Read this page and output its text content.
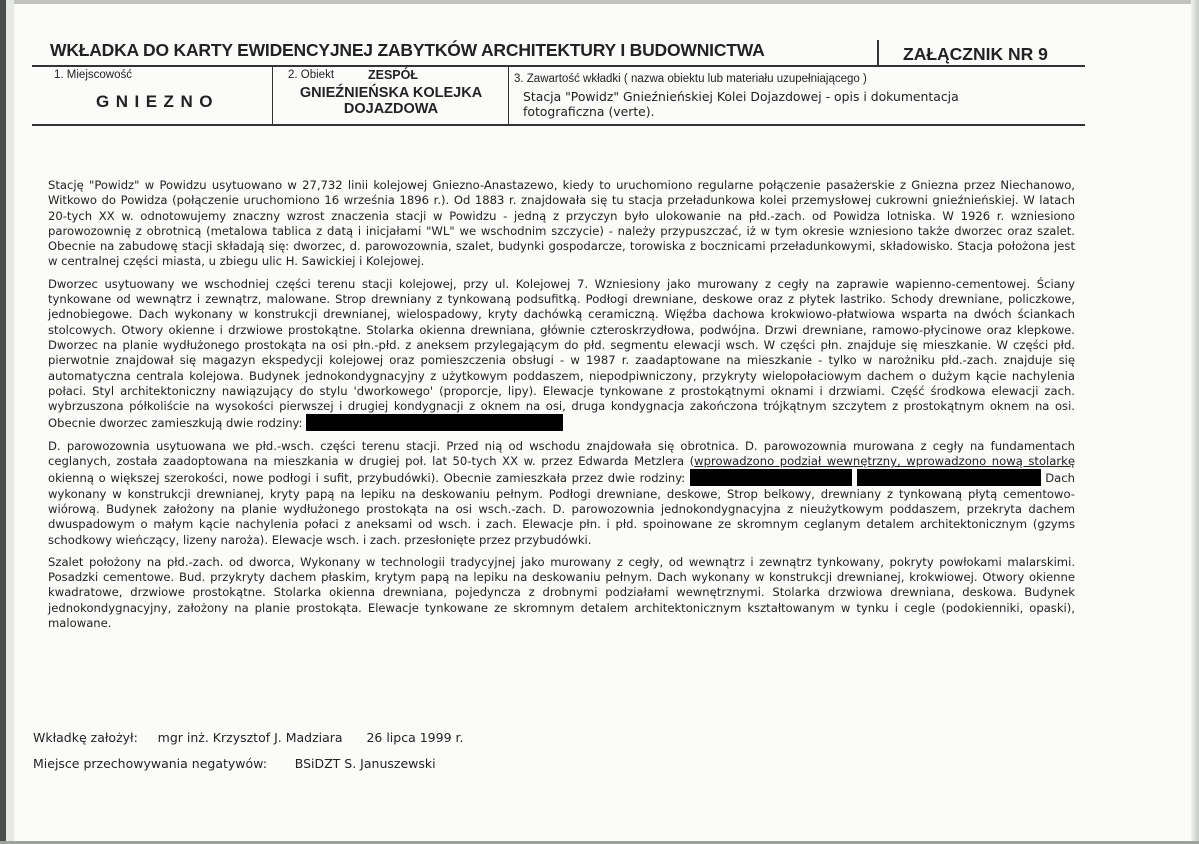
WKŁADKA DO KARTY EWIDENCYJNEJ ZABYTKÓW ARCHITEKTURY I BUDOWNICTWA	ZAŁĄCZNIK NR 9
1. Miejscowość
GNIEZNO
2. Obiekt	ZESPÓŁ
GNIEŹNIEŃSKA KOLEJKA
DOJAZDOWA
3. Zawartość wkładki ( nazwa obiektu lub materiału uzupełniającego )
Stacja "Powidz" Gnieźnieńskiej Kolei Dojazdowej - opis i dokumentacja
fotograficzna (verte).

Stację "Powidz" w Powidzu usytuowano w 27,732 linii kolejowej Gniezno-Anastazewo, kiedy to uruchomiono regularne połączenie pasażerskie z Gniezna przez Niechanowo, Witkowo do Powidza (połączenie uruchomiono 16 września 1896 r.). Od 1883 r. znajdowała się tu stacja przeładunkowa kolei przemysłowej cukrowni gnieźnieńskiej. W latach 20-tych XX w. odnotowujemy znaczny wzrost znaczenia stacji w Powidzu - jedną z przyczyn było ulokowanie na płd.-zach. od Powidza lotniska. W 1926 r. wzniesiono parowozownię z obrotnicą (metalowa tablica z datą i inicjałami "WL" we wschodnim szczycie) - należy przypuszczać, iż w tym okresie wzniesiono także dworzec oraz szalet. Obecnie na zabudowę stacji składają się: dworzec, d. parowozownia, szalet, budynki gospodarcze, torowiska z bocznicami przeładunkowymi, składowisko. Stacja położona jest w centralnej części miasta, u zbiegu ulic H. Sawickiej i Kolejowej.

Dworzec usytuowany we wschodniej części terenu stacji kolejowej, przy ul. Kolejowej 7. Wzniesiony jako murowany z cegły na zaprawie wapienno-cementowej. Ściany tynkowane od wewnątrz i zewnątrz, malowane. Strop drewniany z tynkowaną podsufitką. Podłogi drewniane, deskowe oraz z płytek lastriko. Schody drewniane, policzkowe, jednobiegowe. Dach wykonany w konstrukcji drewnianej, wielospadowy, kryty dachówką ceramiczną. Więźba dachowa krokwiowo-płatwiowa wsparta na dwóch ściankach stolcowych. Otwory okienne i drzwiowe prostokątne. Stolarka okienna drewniana, głównie czteroskrzydłowa, podwójna. Drzwi drewniane, ramowo-płycinowe oraz klepkowe. Dworzec na planie wydłużonego prostokąta na osi płn.-płd. z aneksem przylegającym do płd. segmentu elewacji wsch. W części płn. znajduje się mieszkanie. W części płd. pierwotnie znajdował się magazyn ekspedycji kolejowej oraz pomieszczenia obsługi - w 1987 r. zaadaptowane na mieszkanie - tylko w narożniku płd.-zach. znajduje się automatyczna centrala kolejowa. Budynek jednokondygnacyjny z użytkowym poddaszem, niepodpiwniczony, przykryty wielopołaciowym dachem o dużym kącie nachylenia połaci. Styl architektoniczny nawiązujący do stylu 'dworkowego' (proporcje, lipy). Elewacje tynkowane z prostokątnymi oknami i drzwiami. Część środkowa elewacji zach. wybrzuszona półkoliście na wysokości pierwszej i drugiej kondygnacji z oknem na osi, druga kondygnacja zakończona trójkątnym szczytem z prostokątnym oknem na osi. Obecnie dworzec zamieszkują dwie rodziny:

D. parowozownia usytuowana we płd.-wsch. części terenu stacji. Przed nią od wschodu znajdowała się obrotnica. D. parowozownia murowana z cegły na fundamentach ceglanych, została zaadoptowana na mieszkania w drugiej poł. lat 50-tych XX w. przez Edwarda Metzlera (wprowadzono podział wewnętrzny, wprowadzono nową stolarkę okienną o większej szerokości, nowe podłogi i sufit, przybudówki). Obecnie zamieszkała przez dwie rodziny:	Dach wykonany w konstrukcji drewnianej, kryty papą na lepiku na deskowaniu pełnym. Podłogi drewniane, deskowe, Strop belkowy, drewniany z tynkowaną płytą cementowo-wiórową. Budynek założony na planie wydłużonego prostokąta na osi wsch.-zach. D. parowozownia jednokondygnacyjna z nieużytkowym poddaszem, przekryta dachem dwuspadowym o małym kącie nachylenia połaci z aneksami od wsch. i zach. Elewacje płn. i płd. spoinowane ze skromnym ceglanym detalem architektonicznym (gzyms schodkowy wieńczący, lizeny naroża). Elewacje wsch. i zach. przesłonięte przez przybudówki.

Szalet położony na płd.-zach. od dworca, Wykonany w technologii tradycyjnej jako murowany z cegły, od wewnątrz i zewnątrz tynkowany, pokryty powłokami malarskimi. Posadzki cementowe. Bud. przykryty dachem płaskim, krytym papą na lepiku na deskowaniu pełnym. Dach wykonany w konstrukcji drewnianej, krokwiowej. Otwory okienne kwadratowe, drzwiowe prostokątne. Stolarka okienna drewniana, pojedyncza z drobnymi podziałami wewnętrznymi. Stolarka drzwiowa drewniana, deskowa. Budynek jednokondygnacyjny, założony na planie prostokąta. Elewacje tynkowane ze skromnym detalem architektonicznym kształtowanym w tynku i cegle (podokienniki, opaski), malowane.

Wkładkę założył: mgr inż. Krzysztof J. Madziara 26 lipca 1999 r.
Miejsce przechowywania negatywów: BSiDZT S. Januszewski
